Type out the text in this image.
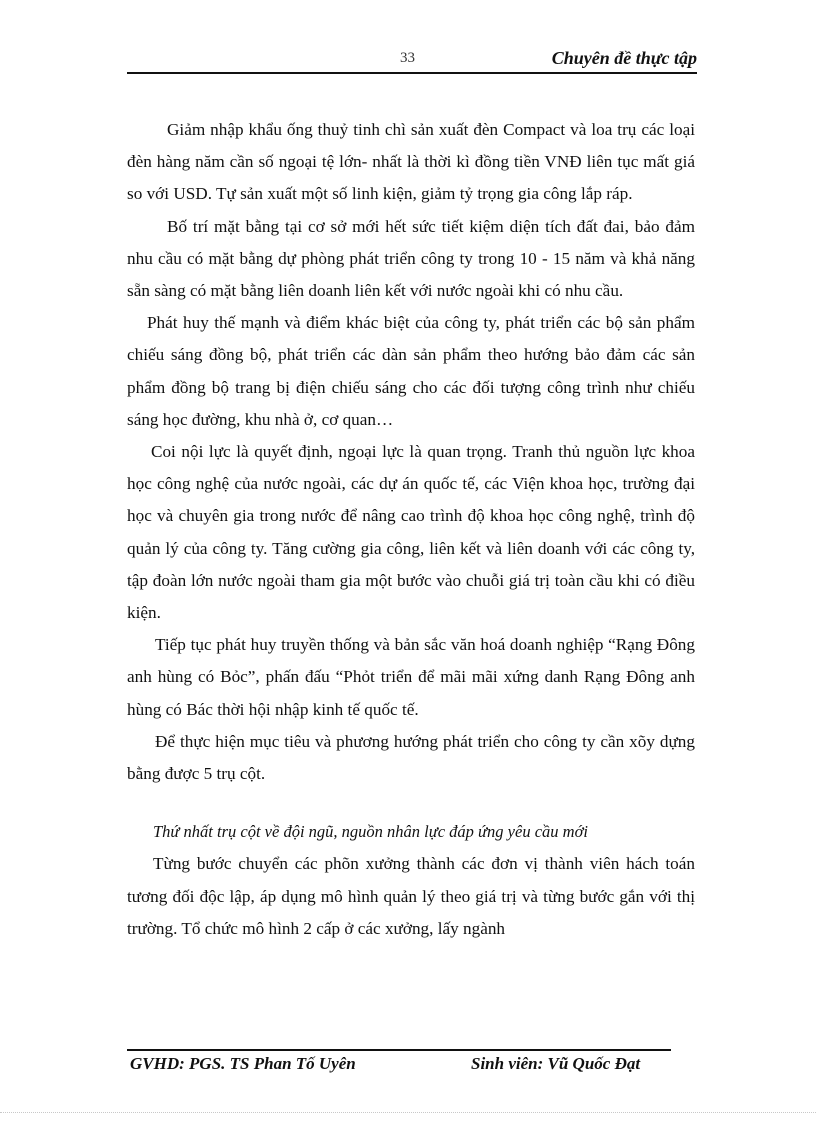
33	Chuyên đề thực tập

Giảm nhập khẩu ống thuỷ tinh chì sản xuất đèn Compact và loa trụ các loại đèn hàng năm cần số ngoại tệ lớn- nhất là thời kì đồng tiền VNĐ liên tục mất giá so với USD. Tự sản xuất một số linh kiện, giảm tỷ trọng gia công lắp ráp.

Bố trí mặt bằng tại cơ sở mới hết sức tiết kiệm diện tích đất đai, bảo đảm nhu cầu có mặt bằng dự phòng phát triển công ty trong 10 - 15 năm và khả năng sẵn sàng có mặt bằng liên doanh liên kết với nước ngoài khi có nhu cầu.

Phát huy thế mạnh và điểm khác biệt của công ty, phát triển các bộ sản phẩm chiếu sáng đồng bộ, phát triển các dàn sản phẩm theo hướng bảo đảm các sản phẩm đồng bộ trang bị điện chiếu sáng cho các đối tượng công trình như chiếu sáng học đường, khu nhà ở, cơ quan…

Coi nội lực là quyết định, ngoại lực là quan trọng. Tranh thủ nguồn lực khoa học công nghệ của nước ngoài, các dự án quốc tế, các Viện khoa học, trường đại học và chuyên gia trong nước để nâng cao trình độ khoa học công nghệ, trình độ quản lý của công ty. Tăng cường gia công, liên kết và liên doanh với các công ty, tập đoàn lớn nước ngoài tham gia một bước vào chuỗi giá trị toàn cầu khi có điều kiện.

Tiếp tục phát huy truyền thống và bản sắc văn hoá doanh nghiệp “Rạng Đông anh hùng có Bỏc”, phấn đấu “Phỏt triển để mãi mãi xứng danh Rạng Đông anh hùng có Bác thời hội nhập kinh tế quốc tế.

Để thực hiện mục tiêu và phương hướng phát triển cho công ty cần xõy dựng bằng được 5 trụ cột.

Thứ nhất trụ cột về đội ngũ, nguồn nhân lực đáp ứng yêu cầu mới

Từng bước chuyển các phõn xưởng thành các đơn vị thành viên hách toán tương đối độc lập, áp dụng mô hình quản lý theo giá trị và từng bước gắn với thị trường. Tổ chức mô hình 2 cấp ở các xưởng, lấy ngành

GVHD: PGS. TS Phan Tố Uyên	Sinh viên: Vũ Quốc Đạt
